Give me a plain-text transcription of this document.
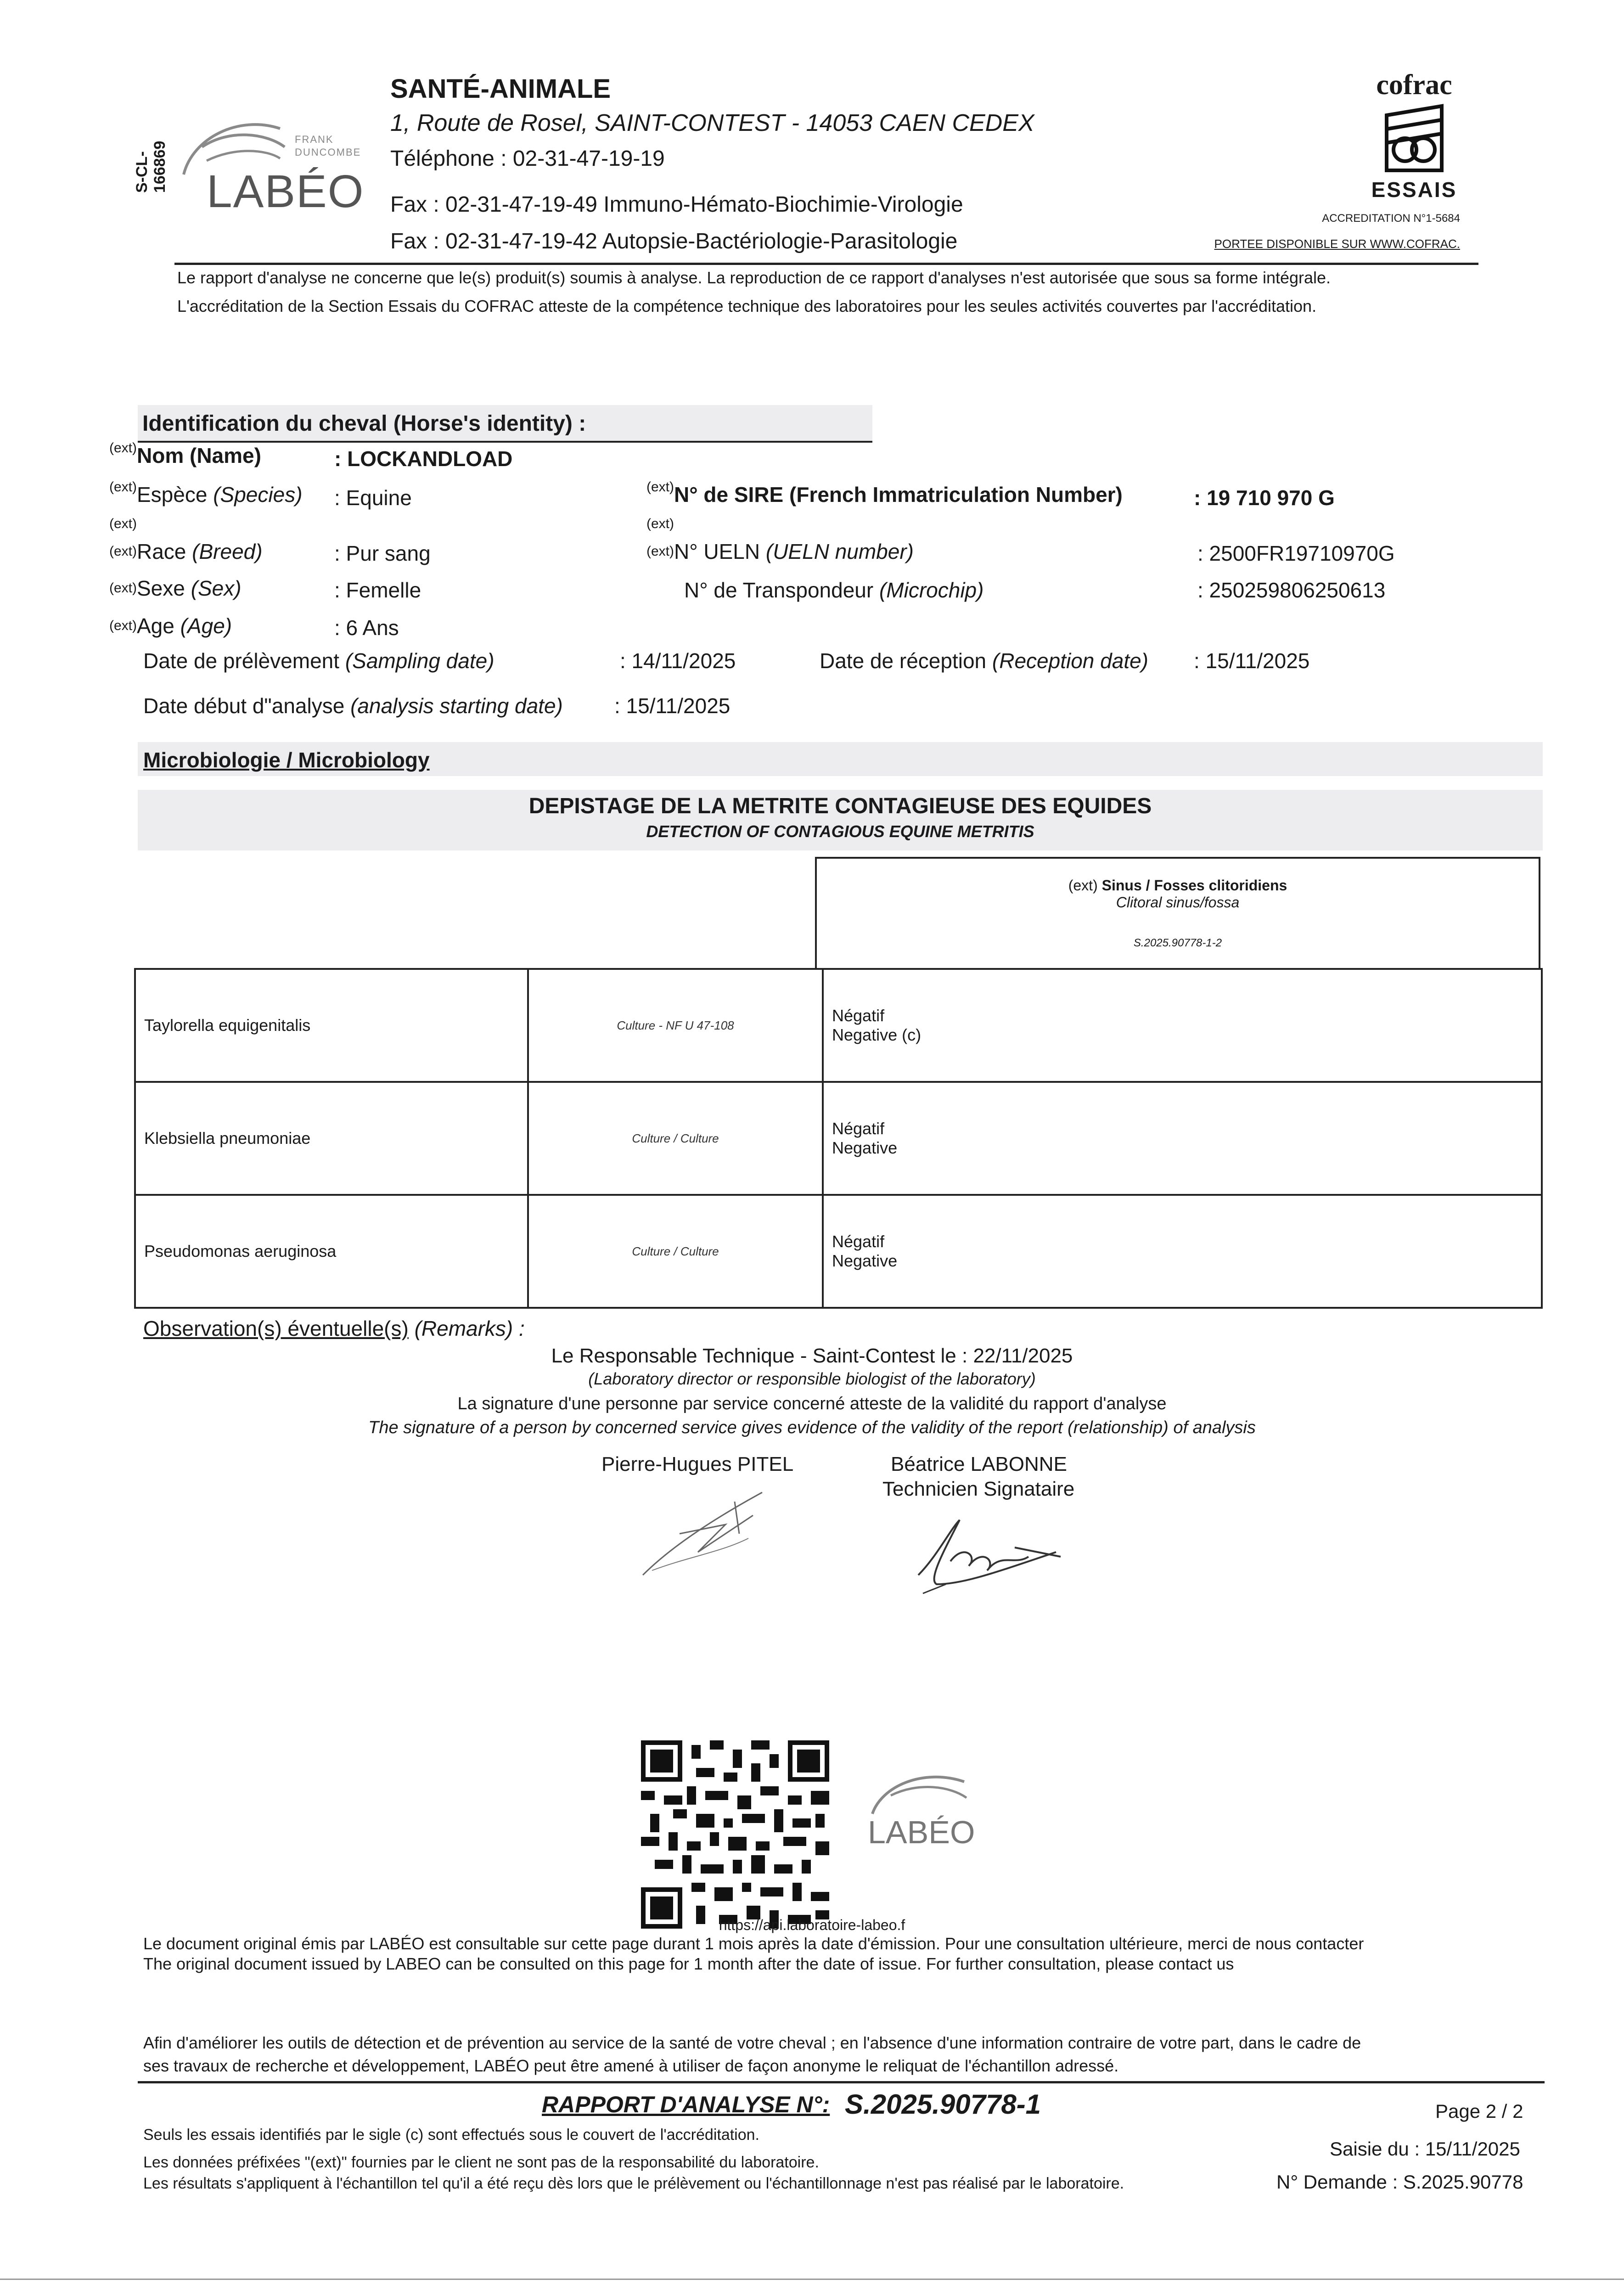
S-CL-166869
FRANK
DUNCOMBE
LABÉO
SANTÉ-ANIMALE
1, Route de Rosel, SAINT-CONTEST - 14053 CAEN CEDEX
Téléphone : 02-31-47-19-19
Fax : 02-31-47-19-49 Immuno-Hémato-Biochimie-Virologie
Fax : 02-31-47-19-42 Autopsie-Bactériologie-Parasitologie
cofrac
ESSAIS
ACCREDITATION N°1-5684
PORTEE DISPONIBLE SUR WWW.COFRAC.
Le rapport d'analyse ne concerne que le(s) produit(s) soumis à analyse. La reproduction de ce rapport d'analyses n'est autorisée que sous sa forme intégrale.
L'accréditation de la Section Essais du COFRAC atteste de la compétence technique des laboratoires pour les seules activités couvertes par l'accréditation.
Identification du cheval (Horse's identity) :
$^{(ext)}$Nom (Name)	: LOCKANDLOAD
$^{(ext)}$Espèce (Species) : Equine	$^{(ext)}$N° de SIRE (French Immatriculation Number)	: 19 710 970 G
(ext)	(ext)
$^{(ext)}$Race (Breed)	: Pur sang	$^{(ext)}$N° UELN (UELN number)	: 2500FR19710970G
$^{(ext)}$Sexe (Sex)	: Femelle	N° de Transpondeur (Microchip)	: 250259806250613
$^{(ext)}$Age (Age)	: 6 Ans
Date de prélèvement (Sampling date)	: 14/11/2025	Date de réception (Reception date) : 15/11/2025
Date début d"analyse (analysis starting date) : 15/11/2025
Microbiologie / Microbiology
DEPISTAGE DE LA METRITE CONTAGIEUSE DES EQUIDES
DETECTION OF CONTAGIOUS EQUINE METRITIS
(ext) Sinus / Fosses clitoridiens
Clitoral sinus/fossa
S.2025.90778-1-2
Taylorella equigenitalis	Culture - NF U 47-108	Négatif
Negative (c)

Klebsiella pneumoniae	Culture / Culture	Négatif
Negative

Pseudomonas aeruginosa	Culture / Culture	Négatif
Negative
Observation(s) éventuelle(s) (Remarks) :
Le Responsable Technique - Saint-Contest le : 22/11/2025
(Laboratory director or responsible biologist of the laboratory)
La signature d'une personne par service concerné atteste de la validité du rapport d'analyse
The signature of a person by concerned service gives evidence of the validity of the report (relationship) of analysis
Pierre-Hugues PITEL	Béatrice LABONNE
Technicien Signataire
LABÉO
https://api.laboratoire-labeo.f
Le document original émis par LABÉO est consultable sur cette page durant 1 mois après la date d'émission. Pour une consultation ultérieure, merci de nous contacter
The original document issued by LABEO can be consulted on this page for 1 month after the date of issue. For further consultation, please contact us
Afin d'améliorer les outils de détection et de prévention au service de la santé de votre cheval ; en l'absence d'une information contraire de votre part, dans le cadre de
ses travaux de recherche et développement, LABÉO peut être amené à utiliser de façon anonyme le reliquat de l'échantillon adressé.
RAPPORT D'ANALYSE N°: S.2025.90778-1	Page 2 / 2
Seuls les essais identifiés par le sigle (c) sont effectués sous le couvert de l'accréditation.
Saisie du : 15/11/2025
Les données préfixées "(ext)" fournies par le client ne sont pas de la responsabilité du laboratoire.
Les résultats s'appliquent à l'échantillon tel qu'il a été reçu dès lors que le prélèvement ou l'échantillonnage n'est pas réalisé par le laboratoire.	N° Demande : S.2025.90778
